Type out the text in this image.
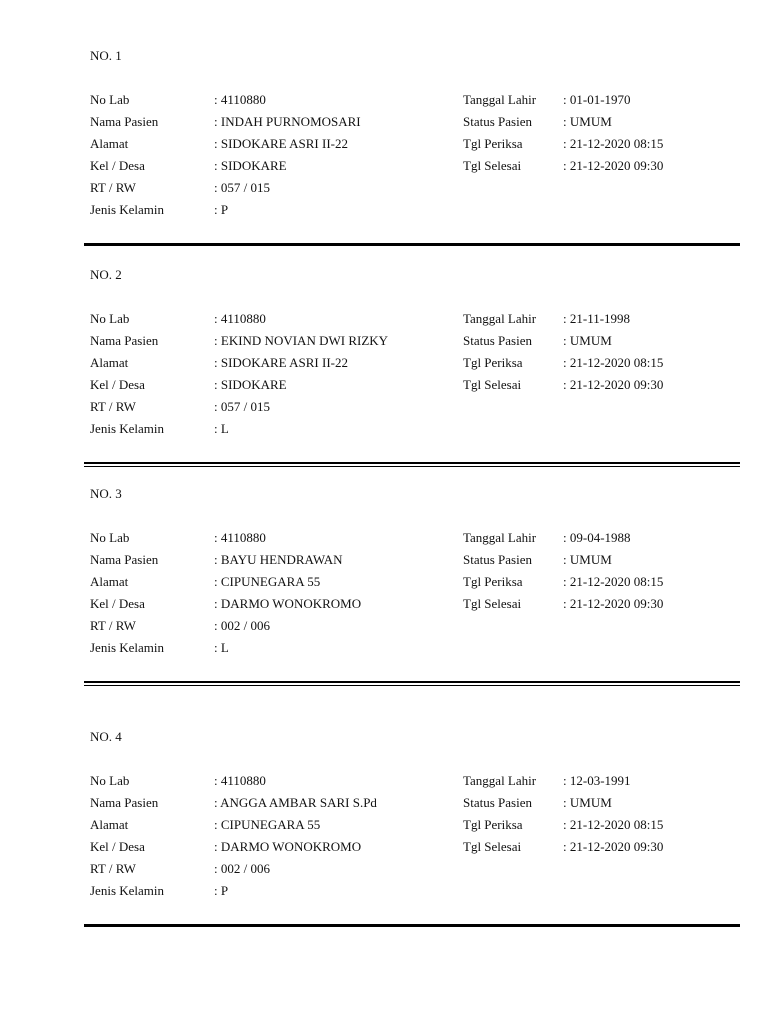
NO. 1
No Lab	: 4110880	Tanggal Lahir	: 01-01-1970
Nama Pasien	: INDAH PURNOMOSARI	Status Pasien	: UMUM
Alamat	: SIDOKARE ASRI II-22	Tgl Periksa	: 21-12-2020 08:15
Kel / Desa	: SIDOKARE	Tgl Selesai	: 21-12-2020 09:30
RT / RW	: 057 / 015
Jenis Kelamin	: P
NO. 2
No Lab	: 4110880	Tanggal Lahir	: 21-11-1998
Nama Pasien	: EKIND NOVIAN DWI RIZKY	Status Pasien	: UMUM
Alamat	: SIDOKARE ASRI II-22	Tgl Periksa	: 21-12-2020 08:15
Kel / Desa	: SIDOKARE	Tgl Selesai	: 21-12-2020 09:30
RT / RW	: 057 / 015
Jenis Kelamin	: L
NO. 3
No Lab	: 4110880	Tanggal Lahir	: 09-04-1988
Nama Pasien	: BAYU HENDRAWAN	Status Pasien	: UMUM
Alamat	: CIPUNEGARA 55	Tgl Periksa	: 21-12-2020 08:15
Kel / Desa	: DARMO WONOKROMO	Tgl Selesai	: 21-12-2020 09:30
RT / RW	: 002 / 006
Jenis Kelamin	: L
NO. 4
No Lab	: 4110880	Tanggal Lahir	: 12-03-1991
Nama Pasien	: ANGGA AMBAR SARI S.Pd	Status Pasien	: UMUM
Alamat	: CIPUNEGARA 55	Tgl Periksa	: 21-12-2020 08:15
Kel / Desa	: DARMO WONOKROMO	Tgl Selesai	: 21-12-2020 09:30
RT / RW	: 002 / 006
Jenis Kelamin	: P
